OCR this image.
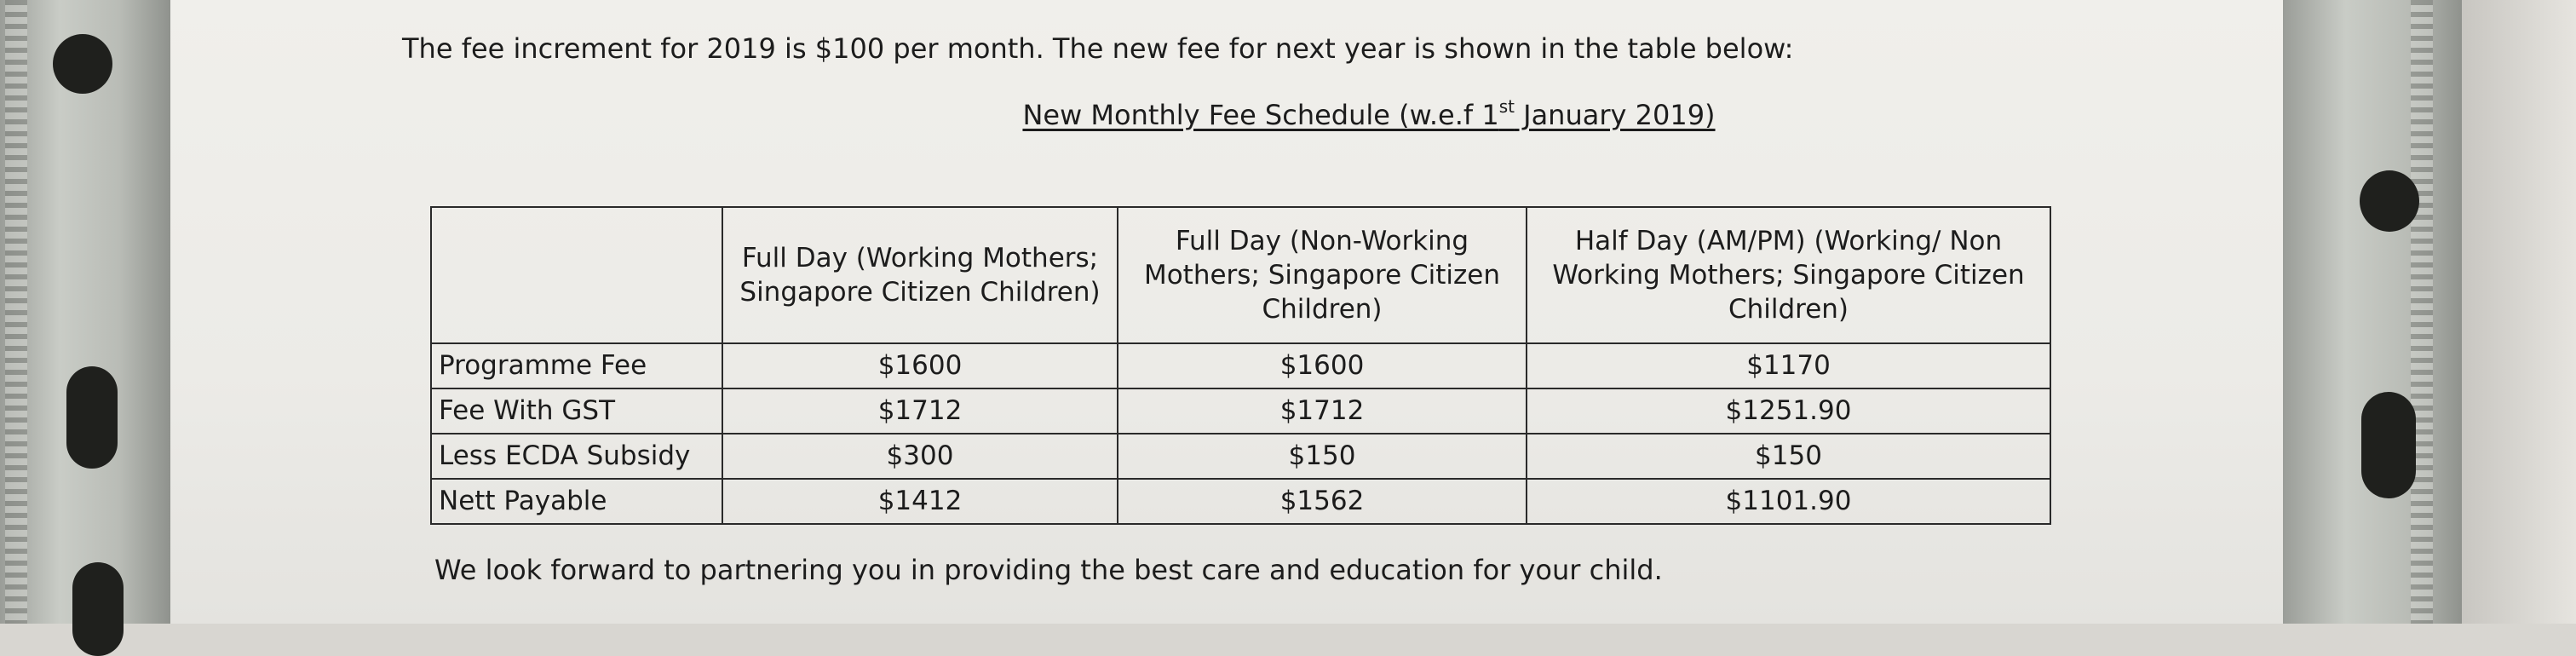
The fee increment for 2019 is $100 per month. The new fee for next year is shown in the table below:
New Monthly Fee Schedule (w.e.f 1st January 2019)
	Full Day (Working Mothers; Singapore Citizen Children)	Full Day (Non-Working Mothers; Singapore Citizen Children)	Half Day (AM/PM) (Working/ Non Working Mothers; Singapore Citizen Children)
Programme Fee	$1600	$1600	$1170
Fee With GST	$1712	$1712	$1251.90
Less ECDA Subsidy	$300	$150	$150
Nett Payable	$1412	$1562	$1101.90
We look forward to partnering you in providing the best care and education for your child.
